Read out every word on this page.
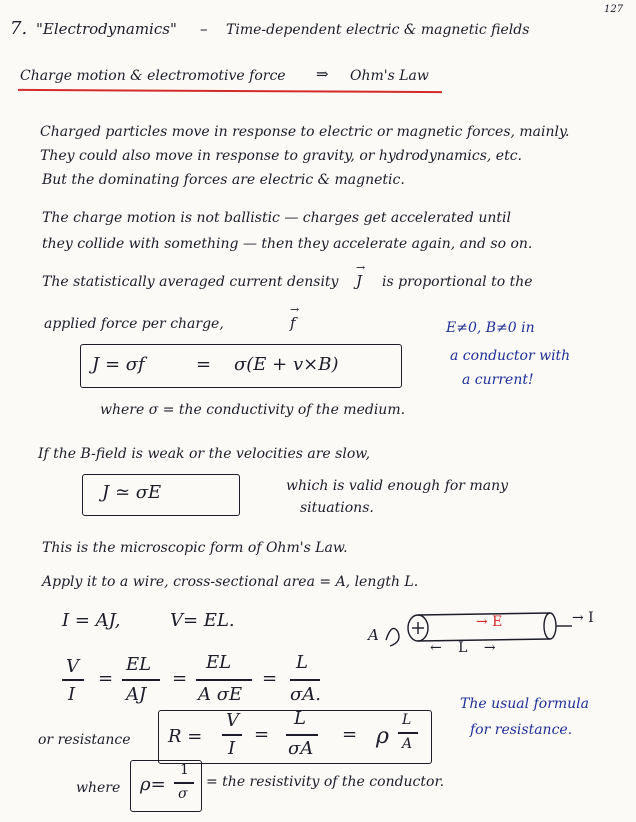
127
7. "Electrodynamics" – Time-dependent electric & magnetic fields
Charge motion & electromotive force ⇒ Ohm's Law
Charged particles move in response to electric or magnetic forces, mainly.
They could also move in response to gravity, or hydrodynamics, etc.
But the dominating forces are electric & magnetic.
The charge motion is not ballistic — charges get accelerated until
they collide with something — then they accelerate again, and so on.
The statistically averaged current density J → is proportional to the
applied force per charge,	f →	E≠0, B≠0 in
a conductor with
a current!
J = σf	= σ(E + v×B)
where σ = the conductivity of the medium.
If the B-field is weak or the velocities are slow,
J ≃ σE	which is valid enough for many
situations.
This is the microscopic form of Ohm's Law.
Apply it to a wire, cross-sectional area = A, length L.
I = AJ,	V= EL.
A
→ E	→ I
← L →
V
I
=
EL
AJ
=
EL
A σE
=
L
σA.
or resistance R =
V
I
=
L
σA
= ρ
L
A
The usual formula
for resistance.
where ρ=
1
σ
= the resistivity of the conductor.
